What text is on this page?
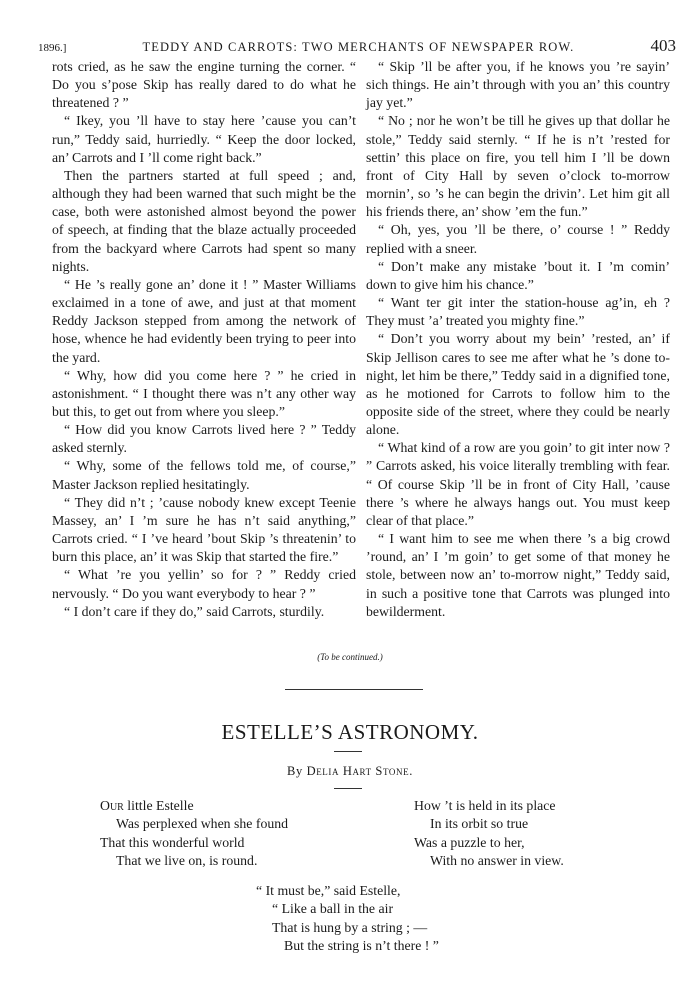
1896.]	TEDDY AND CARROTS: TWO MERCHANTS OF NEWSPAPER ROW.	403

rots cried, as he saw the engine turning the corner. “ Do you s’pose Skip has really dared to do what he threatened ? ”

“ Ikey, you ’ll have to stay here ’cause you can’t run,” Teddy said, hurriedly. “ Keep the door locked, an’ Carrots and I ’ll come right back.”

Then the partners started at full speed ; and, although they had been warned that such might be the case, both were astonished almost beyond the power of speech, at finding that the blaze actually proceeded from the backyard where Carrots had spent so many nights.

“ He ’s really gone an’ done it ! ” Master Williams exclaimed in a tone of awe, and just at that moment Reddy Jackson stepped from among the network of hose, whence he had evidently been trying to peer into the yard.

“ Why, how did you come here ? ” he cried in astonishment. “ I thought there was n’t any other way but this, to get out from where you sleep.”

“ How did you know Carrots lived here ? ” Teddy asked sternly.

“ Why, some of the fellows told me, of course,” Master Jackson replied hesitatingly.

“ They did n’t ; ’cause nobody knew except Teenie Massey, an’ I ’m sure he has n’t said anything,” Carrots cried. “ I ’ve heard ’bout Skip ’s threatenin’ to burn this place, an’ it was Skip that started the fire.”

“ What ’re you yellin’ so for ? ” Reddy cried nervously. “ Do you want everybody to hear ? ”

“ I don’t care if they do,” said Carrots, sturdily.

“ Skip ’ll be after you, if he knows you ’re sayin’ sich things. He ain’t through with you an’ this country jay yet.”

“ No ; nor he won’t be till he gives up that dollar he stole,” Teddy said sternly. “ If he is n’t ’rested for settin’ this place on fire, you tell him I ’ll be down front of City Hall by seven o’clock to-morrow mornin’, so ’s he can begin the drivin’. Let him git all his friends there, an’ show ’em the fun.”

“ Oh, yes, you ’ll be there, o’ course ! ” Reddy replied with a sneer.

“ Don’t make any mistake ’bout it. I ’m comin’ down to give him his chance.”

“ Want ter git inter the station-house ag’in, eh ? They must ’a’ treated you mighty fine.”

“ Don’t you worry about my bein’ ’rested, an’ if Skip Jellison cares to see me after what he ’s done to-night, let him be there,” Teddy said in a dignified tone, as he motioned for Carrots to follow him to the opposite side of the street, where they could be nearly alone.

“ What kind of a row are you goin’ to git inter now ? ” Carrots asked, his voice literally trembling with fear. “ Of course Skip ’ll be in front of City Hall, ’cause there ’s where he always hangs out. You must keep clear of that place.”

“ I want him to see me when there ’s a big crowd ’round, an’ I ’m goin’ to get some of that money he stole, between now an’ to-morrow night,” Teddy said, in such a positive tone that Carrots was plunged into bewilderment.

(To be continued.)
ESTELLE’S ASTRONOMY.
By Delia Hart Stone.
Our little Estelle
Was perplexed when she found
That this wonderful world
That we live on, is round.
How ’t is held in its place
In its orbit so true
Was a puzzle to her,
With no answer in view.
“ It must be,” said Estelle,
“ Like a ball in the air
That is hung by a string ; —
But the string is n’t there ! ”
